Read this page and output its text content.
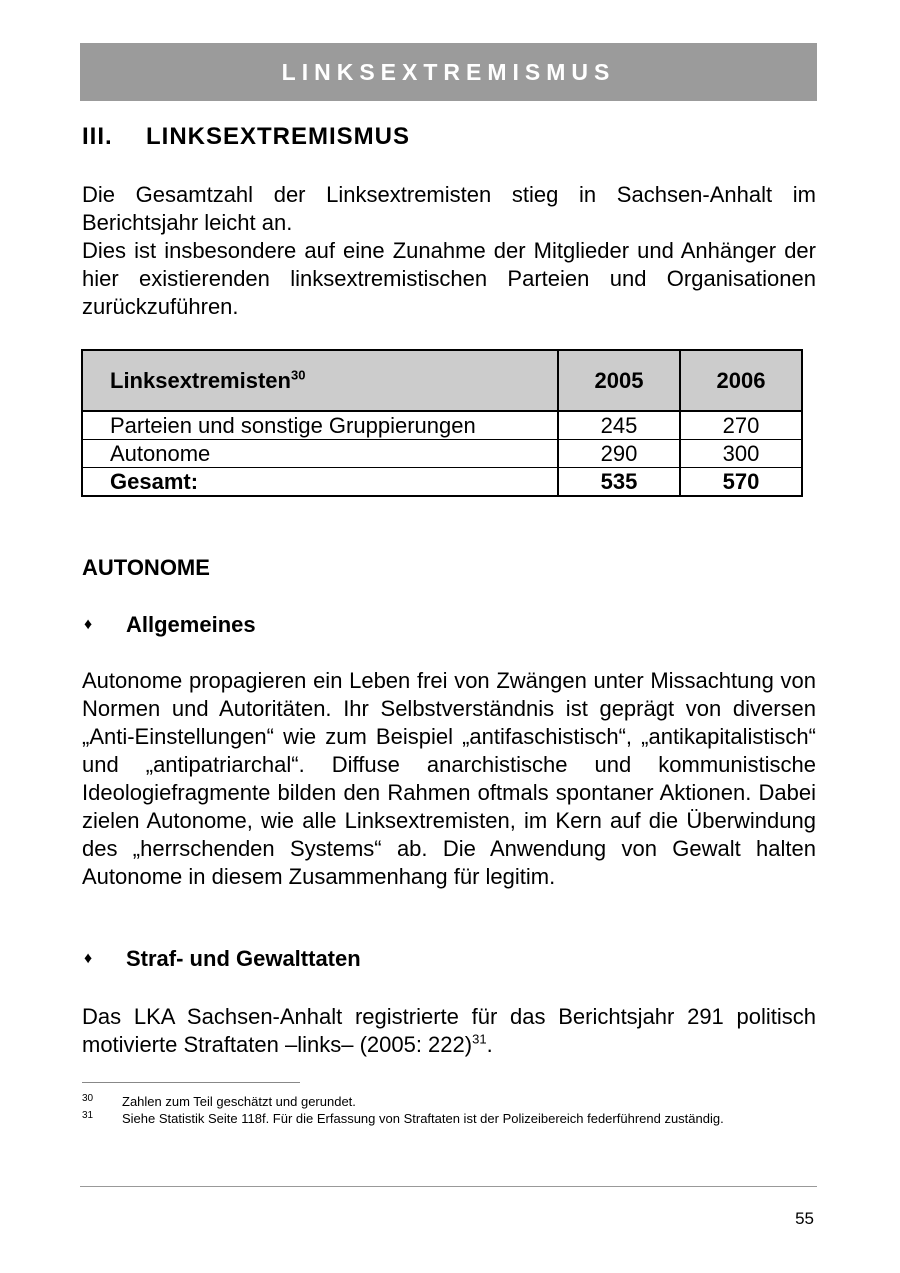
LINKSEXTREMISMUS
III.	LINKSEXTREMISMUS

Die Gesamtzahl der Linksextremisten stieg in Sachsen-Anhalt im Berichtsjahr leicht an.

Dies ist insbesondere auf eine Zunahme der Mitglieder und Anhänger der hier existierenden linksextremistischen Parteien und Organisationen zurückzuführen.

Linksextremisten$^{30}$	2005	2006
Parteien und sonstige Gruppierungen	245	270
Autonome	290	300
Gesamt:	535	570
AUTONOME
♦	Allgemeines

Autonome propagieren ein Leben frei von Zwängen unter Missachtung von Normen und Autoritäten. Ihr Selbstverständnis ist geprägt von diversen „Anti-Einstellungen“ wie zum Beispiel „antifaschistisch“, „antikapitalistisch“ und „antipatriarchal“. Diffuse anarchistische und kommunistische Ideologiefragmente bilden den Rahmen oftmals spontaner Aktionen. Dabei zielen Autonome, wie alle Linksextremisten, im Kern auf die Überwindung des „herrschenden Systems“ ab. Die Anwendung von Gewalt halten Autonome in diesem Zusammenhang für legitim.

♦	Straf- und Gewalttaten

Das LKA Sachsen-Anhalt registrierte für das Berichtsjahr 291 politisch motivierte Straftaten –links– (2005: 222)$^{31}$.

30	Zahlen zum Teil geschätzt und gerundet.
31	Siehe Statistik Seite 118f. Für die Erfassung von Straftaten ist der Polizeibereich federführend zuständig.
55
